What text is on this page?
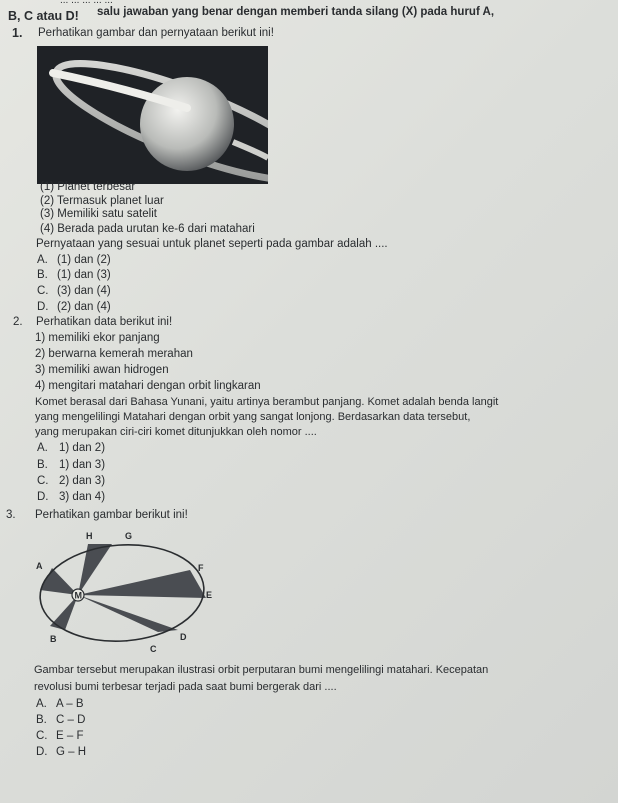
... ... ... ... ...
B, C atau D! salu jawaban yang benar dengan memberi tanda silang (X) pada huruf A,
1. Perhatikan gambar dan pernyataan berikut ini!
(1) Planet terbesar
(2) Termasuk planet luar
(3) Memiliki satu satelit
(4) Berada pada urutan ke-6 dari matahari
Pernyataan yang sesuai untuk planet seperti pada gambar adalah ....
A. (1) dan (2)
B. (1) dan (3)
C. (3) dan (4)
D. (2) dan (4)
2. Perhatikan data berikut ini!
1) memiliki ekor panjang
2) berwarna kemerah merahan
3) memiliki awan hidrogen
4) mengitari matahari dengan orbit lingkaran
Komet berasal dari Bahasa Yunani, yaitu artinya berambut panjang. Komet adalah benda langit
yang mengelilingi Matahari dengan orbit yang sangat lonjong. Berdasarkan data tersebut,
yang merupakan ciri-ciri komet ditunjukkan oleh nomor ....
A. 1) dan 2)
B. 1) dan 3)
C. 2) dan 3)
D. 3) dan 4)
3. Perhatikan gambar berikut ini!
M
H	G
A	F
E
B
C
D
Gambar tersebut merupakan ilustrasi orbit perputaran bumi mengelilingi matahari. Kecepatan
revolusi bumi terbesar terjadi pada saat bumi bergerak dari ....
A. A – B
B. C – D
C. E – F
D. G – H
